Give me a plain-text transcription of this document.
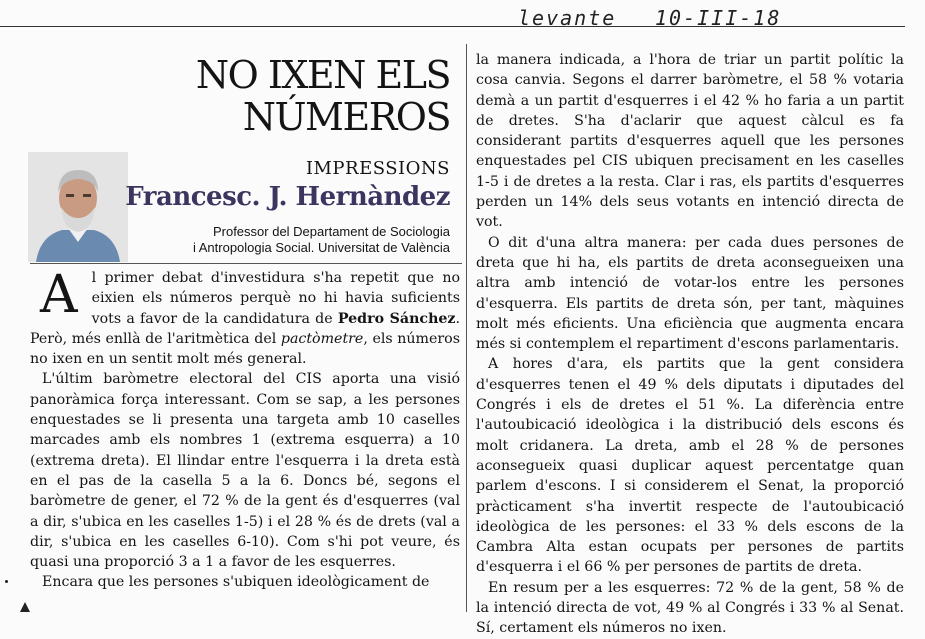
levante 10-III-18
NO IXEN ELS
NÚMEROS
IMPRESSIONS
Francesc. J. Hernàndez
Professor del Departament de Sociologia
i Antropologia Social. Universitat de València

Al primer debat d'investidura s'ha repetit que no eixien els números perquè no hi havia suficients vots a favor de la candidatura de Pedro Sánchez. Però, més enllà de l'aritmètica del pactòmetre, els números no ixen en un sentit molt més general.

L'últim baròmetre electoral del CIS aporta una visió panoràmica força interessant. Com se sap, a les persones enquestades se li presenta una targeta amb 10 caselles marcades amb els nombres 1 (extrema esquerra) a 10 (extrema dreta). El llindar entre l'esquerra i la dreta està en el pas de la casella 5 a la 6. Doncs bé, segons el baròmetre de gener, el 72 % de la gent és d'esquerres (val a dir, s'ubica en les caselles 1-5) i el 28 % és de drets (val a dir, s'ubica en les caselles 6-10). Com s'hi pot veure, és quasi una proporció 3 a 1 a favor de les esquerres.

Encara que les persones s'ubiquen ideològicament de

la manera indicada, a l'hora de triar un partit polític la cosa canvia. Segons el darrer baròmetre, el 58 % votaria demà a un partit d'esquerres i el 42 % ho faria a un partit de dretes. S'ha d'aclarir que aquest càlcul es fa considerant partits d'esquerres aquell que les persones enquestades pel CIS ubiquen precisament en les caselles 1-5 i de dretes a la resta. Clar i ras, els partits d'esquerres perden un 14% dels seus votants en intenció directa de vot.

O dit d'una altra manera: per cada dues persones de dreta que hi ha, els partits de dreta aconsegueixen una altra amb intenció de votar-los entre les persones d'esquerra. Els partits de dreta són, per tant, màquines molt més eficients. Una eficiència que augmenta encara més si contemplem el repartiment d'escons parlamentaris.

A hores d'ara, els partits que la gent considera d'esquerres tenen el 49 % dels diputats i diputades del Congrés i els de dretes el 51 %. La diferència entre l'autoubicació ideològica i la distribució dels escons és molt cridanera. La dreta, amb el 28 % de persones aconsegueix quasi duplicar aquest percentatge quan parlem d'escons. I si considerem el Senat, la proporció pràcticament s'ha invertit respecte de l'autoubicació ideològica de les persones: el 33 % dels escons de la Cambra Alta estan ocupats per persones de partits d'esquerra i el 66 % per persones de partits de dreta.

En resum per a les esquerres: 72 % de la gent, 58 % de la intenció directa de vot, 49 % al Congrés i 33 % al Senat. Sí, certament els números no ixen.
